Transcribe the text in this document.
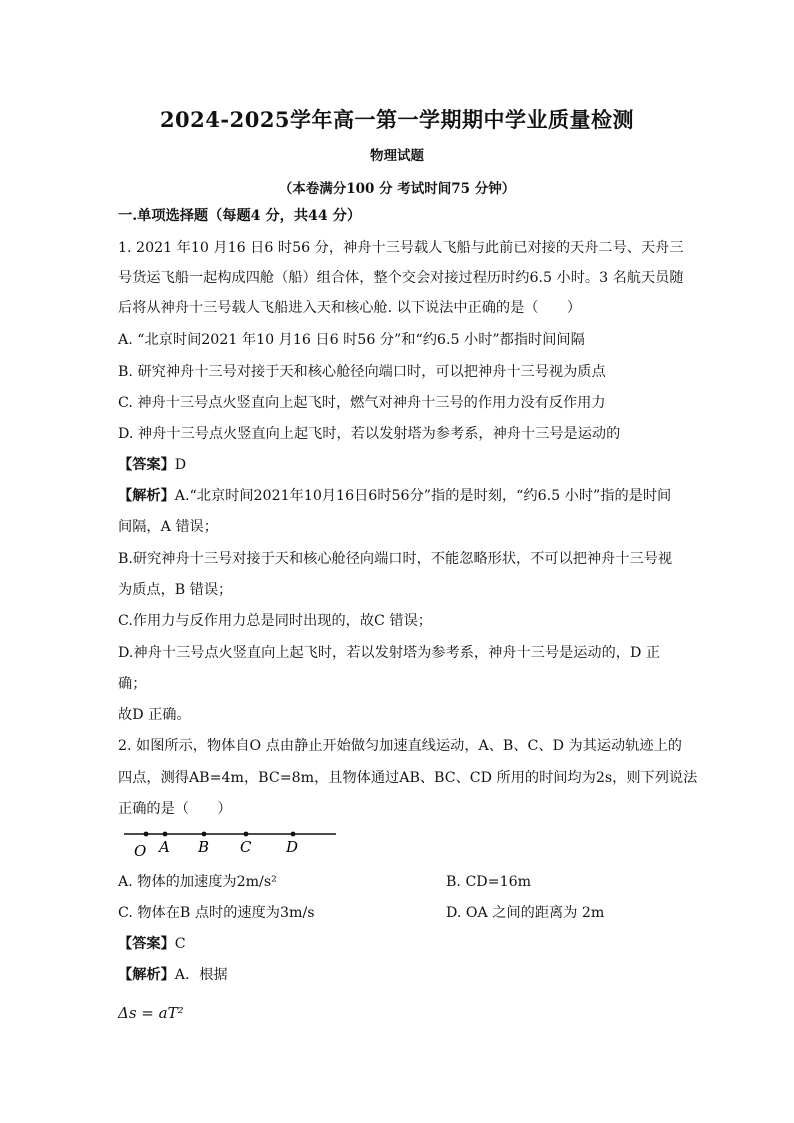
2024-2025学年高一第一学期期中学业质量检测
物理试题
（本卷满分100 分 考试时间75 分钟）
一.单项选择题（每题4 分，共44 分）
1. 2021 年10 月16 日6 时56 分，神舟十三号载人飞船与此前已对接的天舟二号、天舟三
号货运飞船一起构成四舱（船）组合体，整个交会对接过程历时约6.5 小时。3 名航天员随
后将从神舟十三号载人飞船进入天和核心舱. 以下说法中正确的是（　　）
A. “北京时间2021 年10 月16 日6 时56 分”和“约6.5 小时”都指时间间隔
B. 研究神舟十三号对接于天和核心舱径向端口时，可以把神舟十三号视为质点
C. 神舟十三号点火竖直向上起飞时，燃气对神舟十三号的作用力没有反作用力
D. 神舟十三号点火竖直向上起飞时，若以发射塔为参考系，神舟十三号是运动的
【答案】D
【解析】A.“北京时间2021年10月16日6时56分”指的是时刻，“约6.5 小时”指的是时间
间隔，A 错误；
B.研究神舟十三号对接于天和核心舱径向端口时，不能忽略形状，不可以把神舟十三号视
为质点，B 错误；
C.作用力与反作用力总是同时出现的，故C 错误；
D.神舟十三号点火竖直向上起飞时，若以发射塔为参考系，神舟十三号是运动的，D 正
确；
故D 正确。
2. 如图所示，物体自O 点由静止开始做匀加速直线运动，A、B、C、D 为其运动轨迹上的
四点，测得AB=4m，BC=8m，且物体通过AB、BC、CD 所用的时间均为2s，则下列说法
正确的是（　　）
O A B C D
A. 物体的加速度为2m/s²	B. CD=16m
C. 物体在B 点时的速度为3m/s	D. OA 之间的距离为 2m
【答案】C
【解析】A．根据
Δs = aT²
